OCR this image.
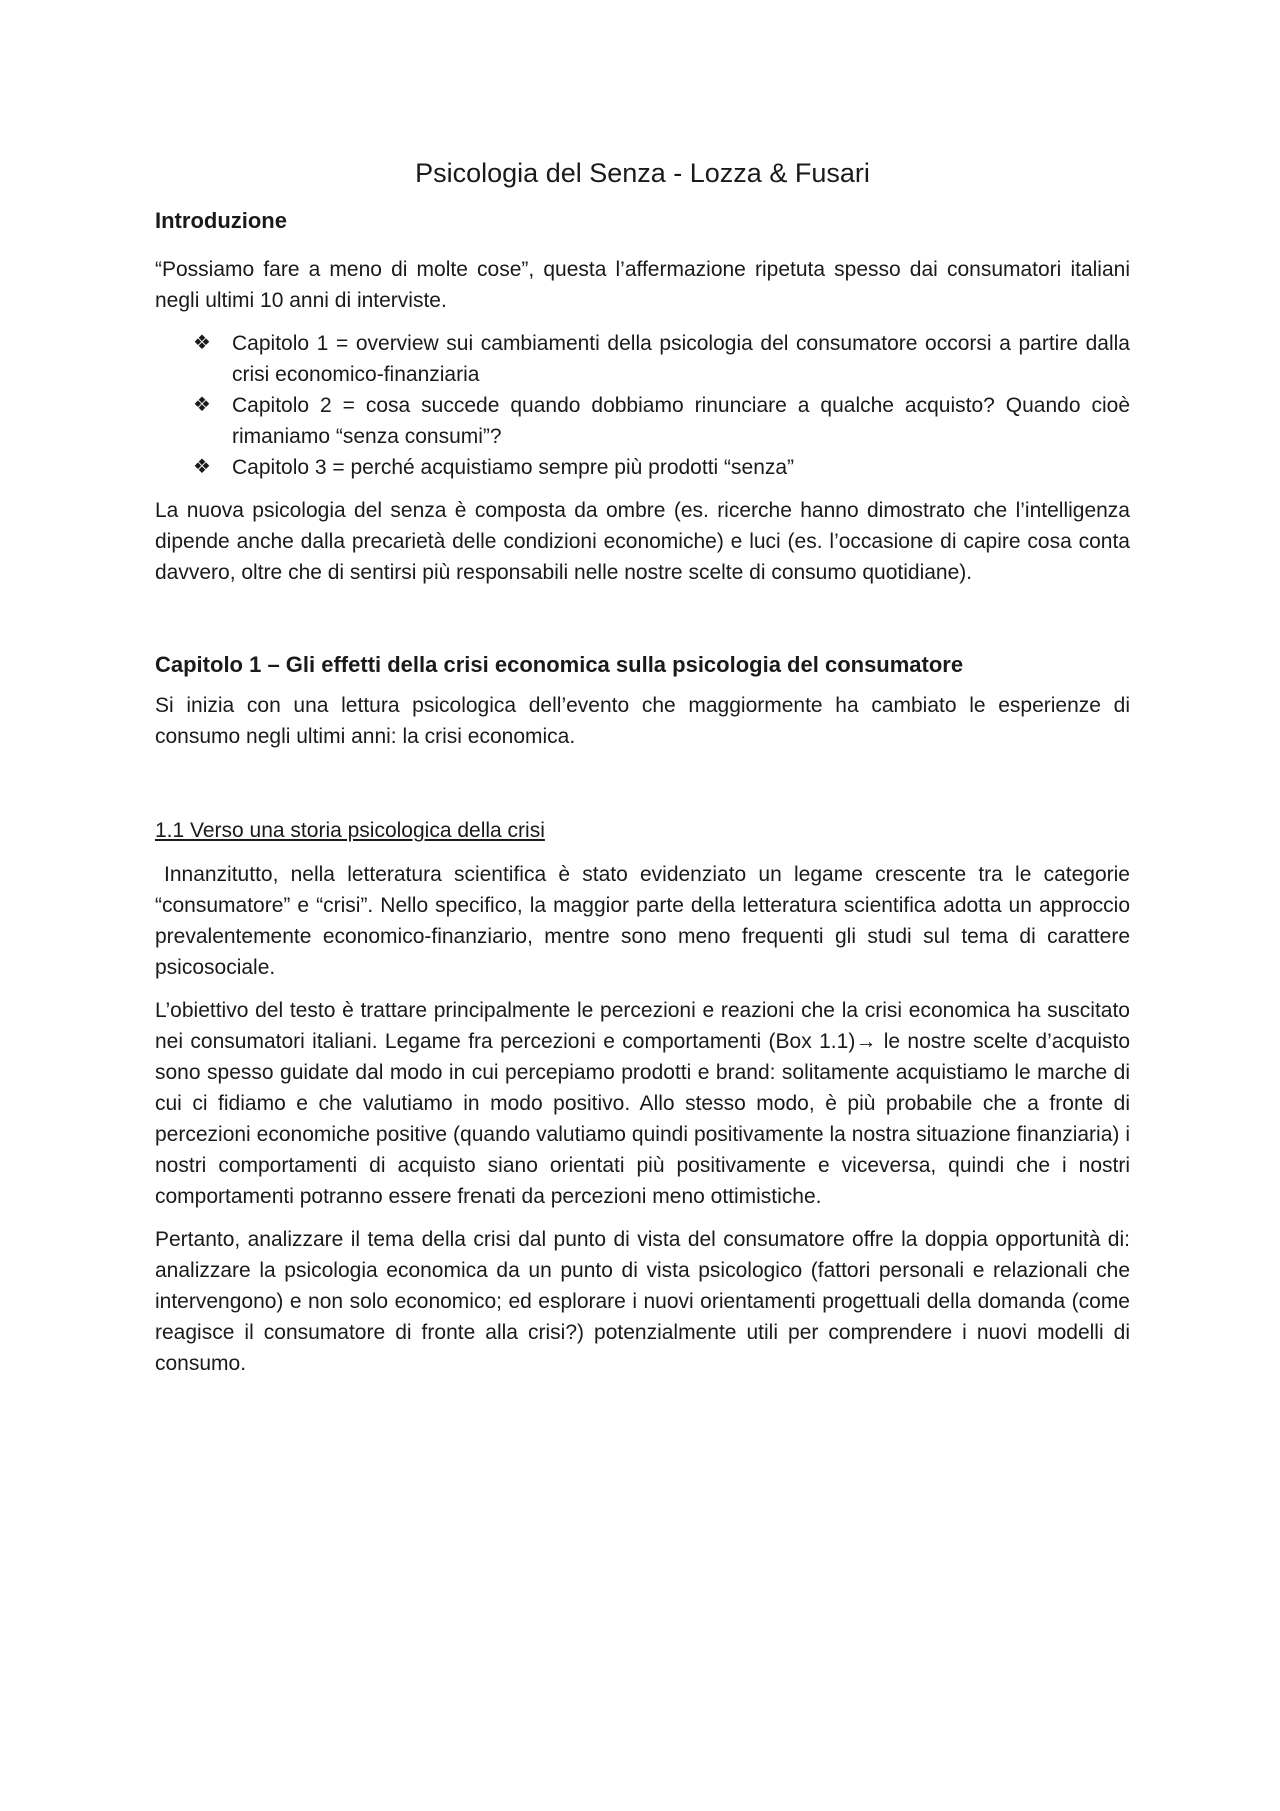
Psicologia del Senza - Lozza & Fusari
Introduzione

“Possiamo fare a meno di molte cose”, questa l’affermazione ripetuta spesso dai consumatori italiani negli ultimi 10 anni di interviste.

❖ Capitolo 1 = overview sui cambiamenti della psicologia del consumatore occorsi a partire dalla crisi economico-finanziaria
❖ Capitolo 2 = cosa succede quando dobbiamo rinunciare a qualche acquisto? Quando cioè rimaniamo “senza consumi”?
❖ Capitolo 3 = perché acquistiamo sempre più prodotti “senza”

La nuova psicologia del senza è composta da ombre (es. ricerche hanno dimostrato che l’intelligenza dipende anche dalla precarietà delle condizioni economiche) e luci (es. l’occasione di capire cosa conta davvero, oltre che di sentirsi più responsabili nelle nostre scelte di consumo quotidiane).

Capitolo 1 – Gli effetti della crisi economica sulla psicologia del consumatore

Si inizia con una lettura psicologica dell’evento che maggiormente ha cambiato le esperienze di consumo negli ultimi anni: la crisi economica.

1.1 Verso una storia psicologica della crisi

Innanzitutto, nella letteratura scientifica è stato evidenziato un legame crescente tra le categorie “consumatore” e “crisi”. Nello specifico, la maggior parte della letteratura scientifica adotta un approccio prevalentemente economico-finanziario, mentre sono meno frequenti gli studi sul tema di carattere psicosociale.

L’obiettivo del testo è trattare principalmente le percezioni e reazioni che la crisi economica ha suscitato nei consumatori italiani. Legame fra percezioni e comportamenti (Box 1.1)→ le nostre scelte d’acquisto sono spesso guidate dal modo in cui percepiamo prodotti e brand: solitamente acquistiamo le marche di cui ci fidiamo e che valutiamo in modo positivo. Allo stesso modo, è più probabile che a fronte di percezioni economiche positive (quando valutiamo quindi positivamente la nostra situazione finanziaria) i nostri comportamenti di acquisto siano orientati più positivamente e viceversa, quindi che i nostri comportamenti potranno essere frenati da percezioni meno ottimistiche.

Pertanto, analizzare il tema della crisi dal punto di vista del consumatore offre la doppia opportunità di: analizzare la psicologia economica da un punto di vista psicologico (fattori personali e relazionali che intervengono) e non solo economico; ed esplorare i nuovi orientamenti progettuali della domanda (come reagisce il consumatore di fronte alla crisi?) potenzialmente utili per comprendere i nuovi modelli di consumo.
